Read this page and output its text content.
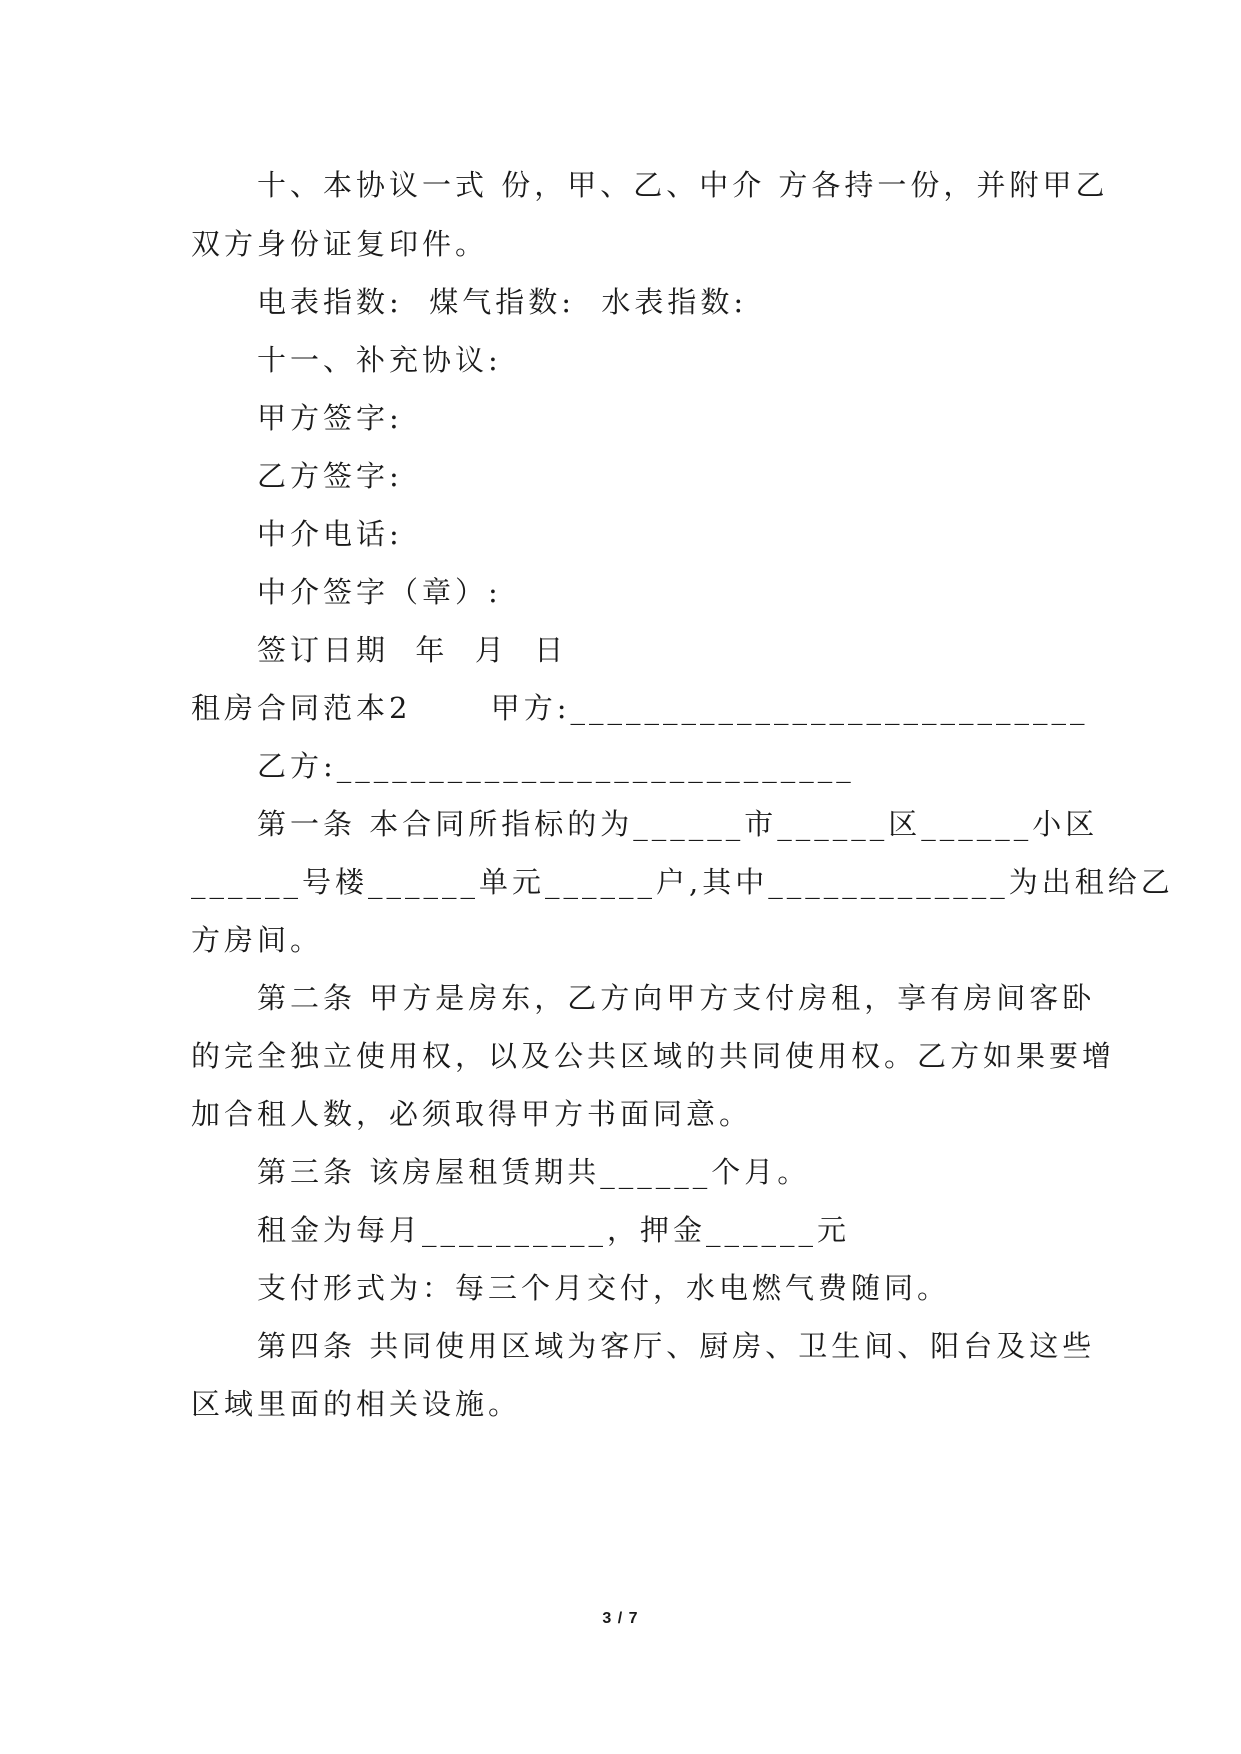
十、本协议一式 份，甲、乙、中介 方各持一份，并附甲乙
双方身份证复印件。
电表指数:  煤气指数:  水表指数:
十一、补充协议:
甲方签字:
乙方签字:
中介电话:
中介签字（章）:
签订日期  年  月  日
租房合同范本2      甲方:____________________________
乙方:____________________________
第一条 本合同所指标的为______市______区______小区
______号楼______单元______户,其中_____________为出租给乙
方房间。
第二条 甲方是房东，乙方向甲方支付房租，享有房间客卧
的完全独立使用权，以及公共区域的共同使用权。乙方如果要增
加合租人数，必须取得甲方书面同意。
第三条 该房屋租赁期共______个月。
租金为每月__________，押金______元
支付形式为：每三个月交付，水电燃气费随同。
第四条 共同使用区域为客厅、厨房、卫生间、阳台及这些
区域里面的相关设施。
3 / 7
